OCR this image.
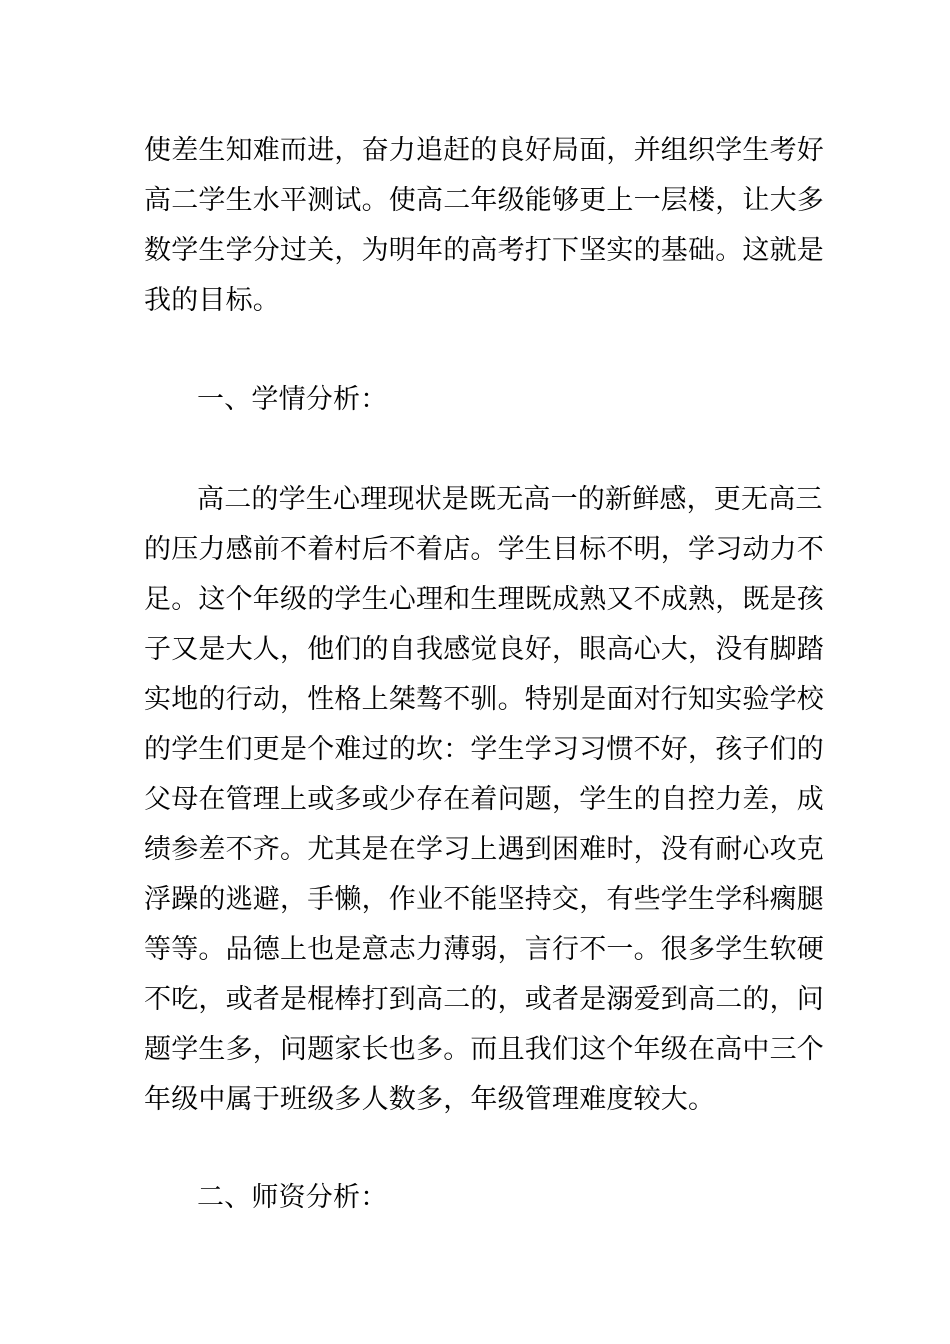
使差生知难而进，奋力追赶的良好局面，并组织学生考好
高二学生水平测试。使高二年级能够更上一层楼，让大多
数学生学分过关，为明年的高考打下坚实的基础。这就是
我的目标。
一、学情分析：
高二的学生心理现状是既无高一的新鲜感，更无高三
的压力感前不着村后不着店。学生目标不明，学习动力不
足。这个年级的学生心理和生理既成熟又不成熟，既是孩
子又是大人，他们的自我感觉良好，眼高心大，没有脚踏
实地的行动，性格上桀骜不驯。特别是面对行知实验学校
的学生们更是个难过的坎：学生学习习惯不好，孩子们的
父母在管理上或多或少存在着问题，学生的自控力差，成
绩参差不齐。尤其是在学习上遇到困难时，没有耐心攻克
浮躁的逃避，手懒，作业不能坚持交，有些学生学科瘸腿
等等。品德上也是意志力薄弱，言行不一。很多学生软硬
不吃，或者是棍棒打到高二的，或者是溺爱到高二的，问
题学生多，问题家长也多。而且我们这个年级在高中三个
年级中属于班级多人数多，年级管理难度较大。
二、师资分析：
